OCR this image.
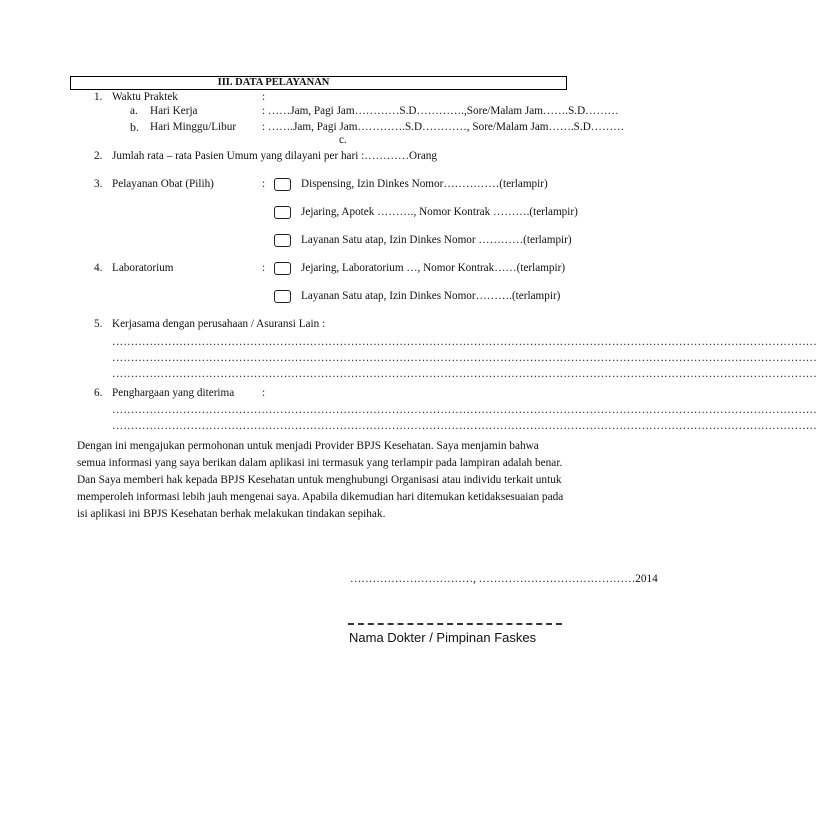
III. DATA PELAYANAN
1. Waktu Praktek	:
a. Hari Kerja	: ……Jam, Pagi Jam…………S.D………….,Sore/Malam Jam…….S.D………
b. Hari Minggu/Libur : …….Jam, Pagi Jam………….S.D…………, Sore/Malam Jam…….S.D………
c.
2. Jumlah rata – rata Pasien Umum yang dilayani per hari :…………Orang
3. Pelayanan Obat (Pilih)	:	Dispensing, Izin Dinkes Nomor……………(terlampir)
Jejaring, Apotek ………., Nomor Kontrak ……….(terlampir)
Layanan Satu atap, Izin Dinkes Nomor …………(terlampir)
4. Laboratorium	:	Jejaring, Laboratorium …, Nomor Kontrak……(terlampir)
Layanan Satu atap, Izin Dinkes Nomor……….(terlampir)
5. Kerjasama dengan perusahaan / Asuransi Lain :
………………………………………………………………………………………………………………………………………………………………………
………………………………………………………………………………………………………………………………………………………………………
………………………………………………………………………………………………………………………………………………………………………
6. Penghargaan yang diterima :
………………………………………………………………………………………………………………………………………………………………………
………………………………………………………………………………………………………………………………………………………………………
Dengan ini mengajukan permohonan untuk menjadi Provider BPJS Kesehatan. Saya menjamin bahwa semua informasi yang saya berikan dalam aplikasi ini termasuk yang terlampir pada lampiran adalah benar. Dan Saya memberi hak kepada BPJS Kesehatan untuk menghubungi Organisasi atau individu terkait untuk memperoleh informasi lebih jauh mengenai saya. Apabila dikemudian hari ditemukan ketidaksesuaian pada isi aplikasi ini BPJS Kesehatan berhak melakukan tindakan sepihak.
……………………………, ……………………………………2014
Nama Dokter / Pimpinan Faskes
